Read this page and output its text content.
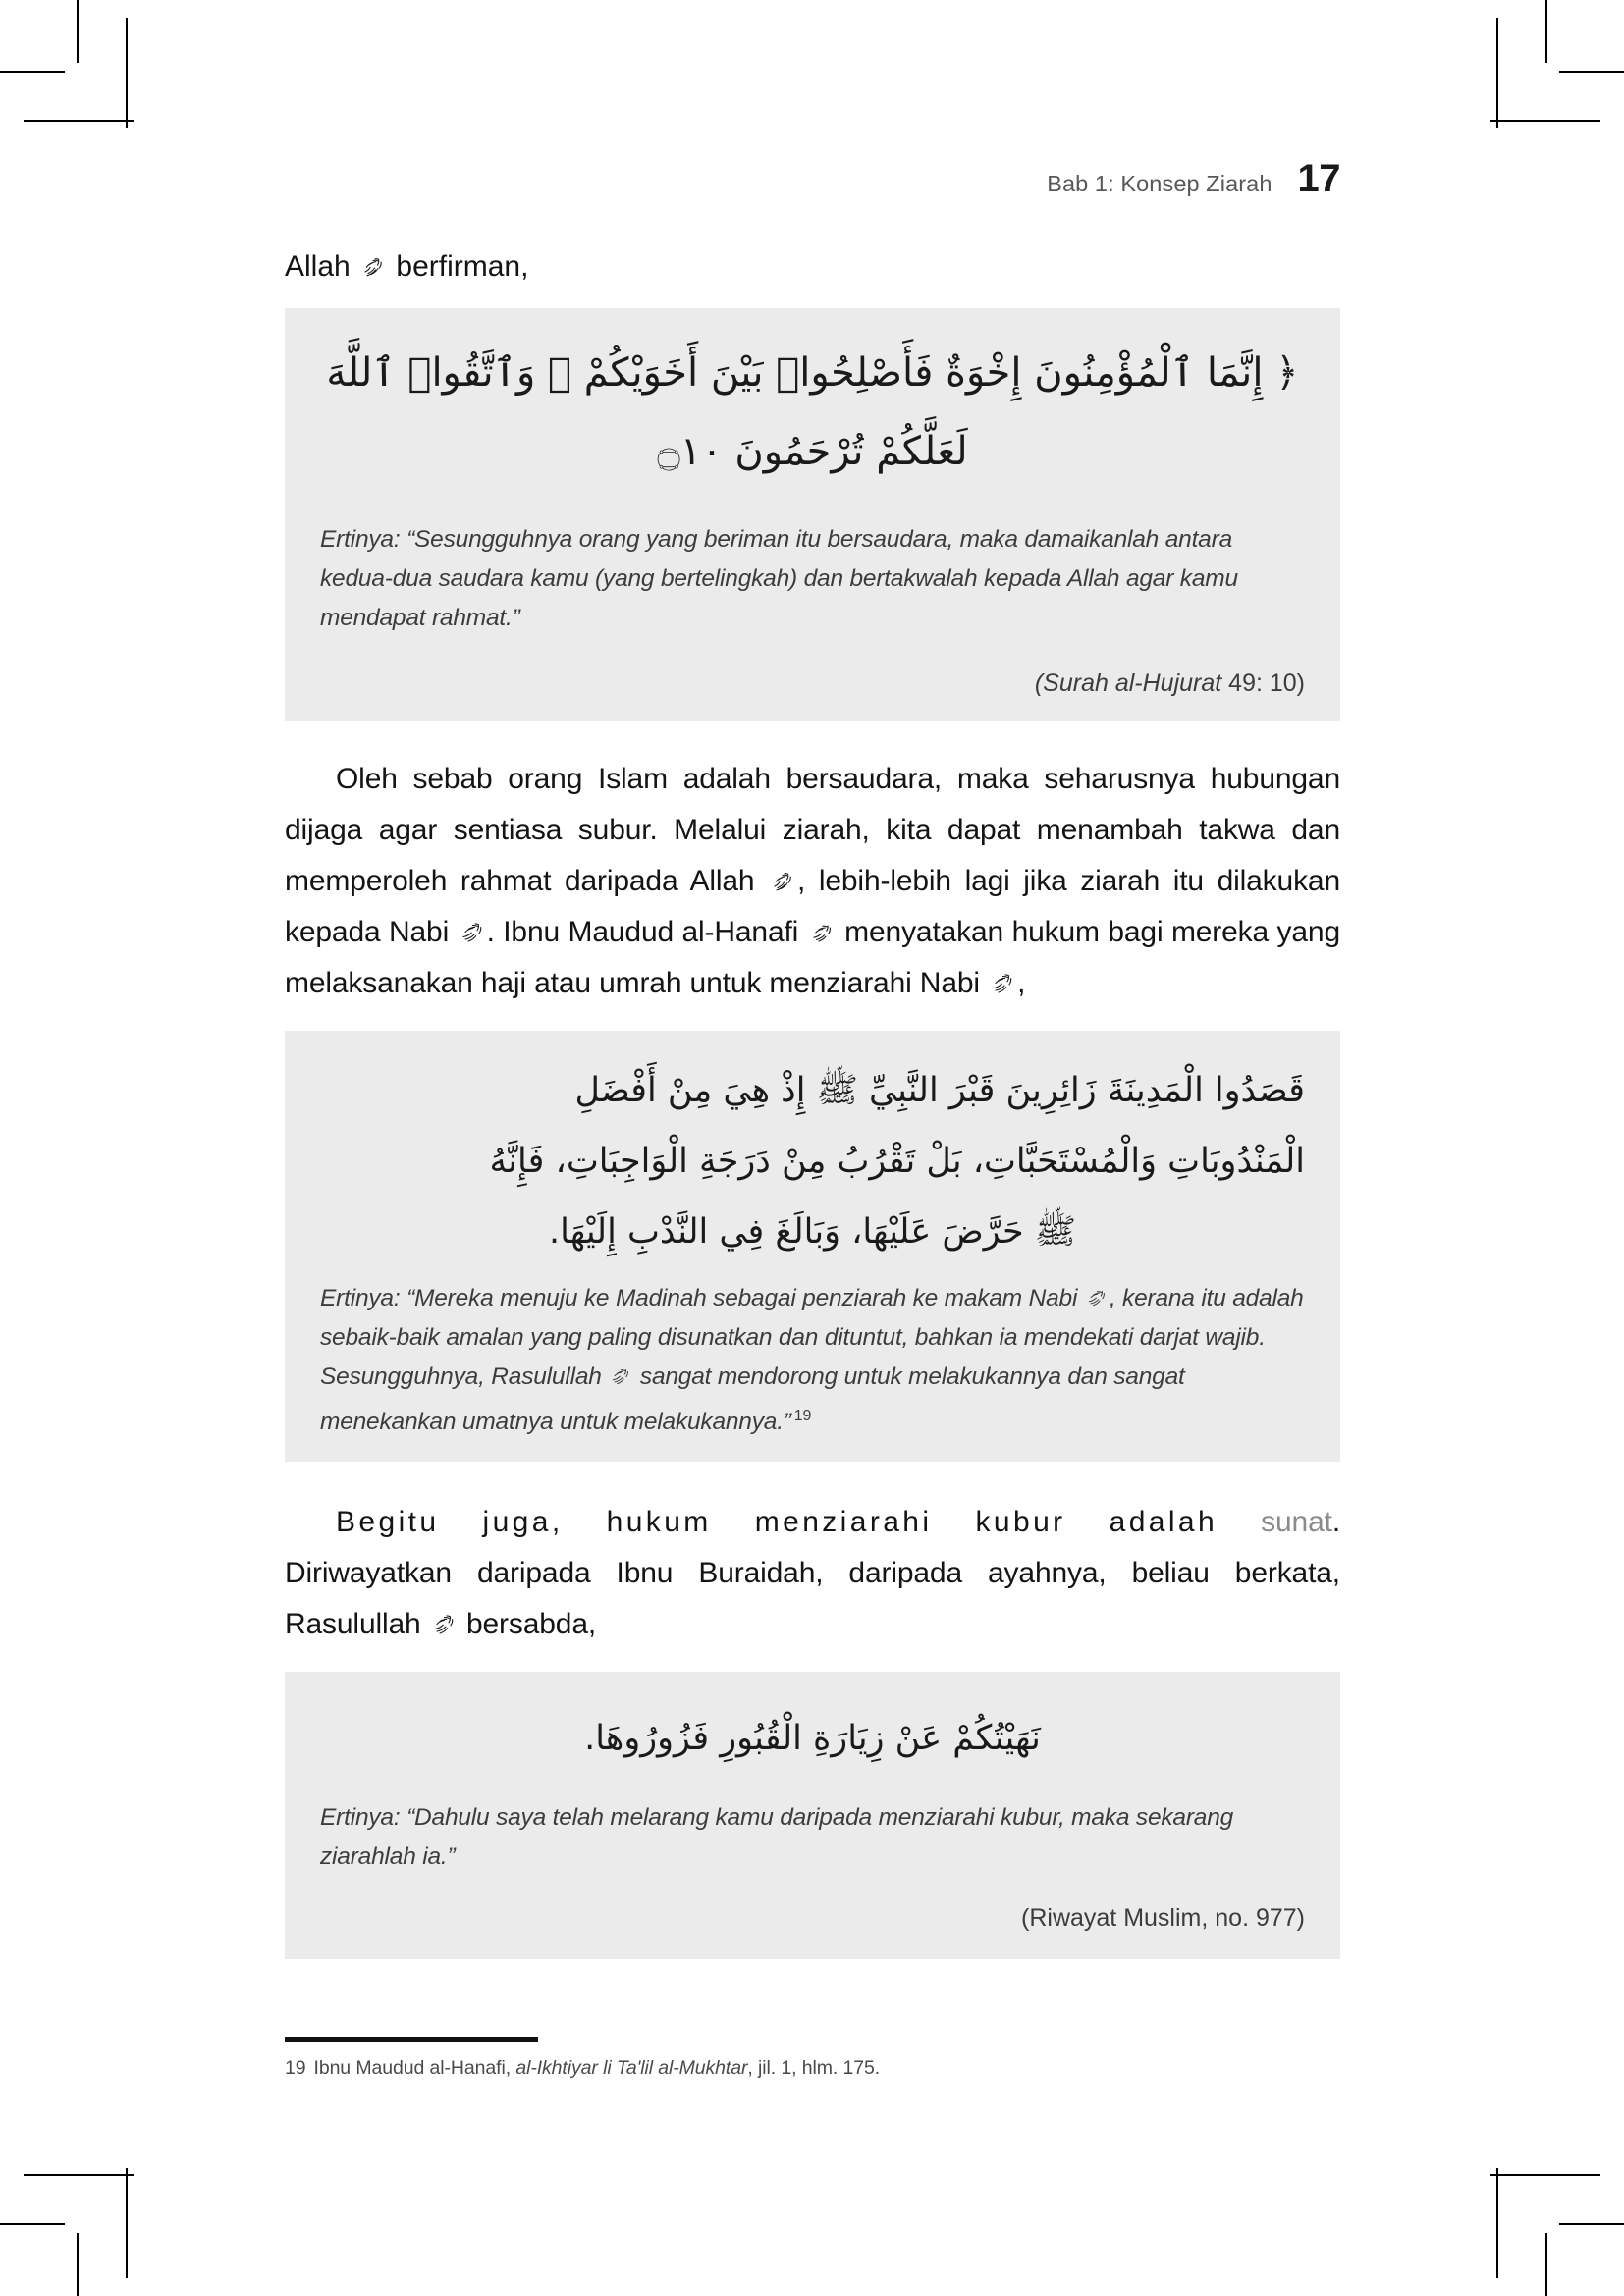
Bab 1: Konsep Ziarah 17

Allah
berfirman,

﴿ إِنَّمَا ٱلْمُؤْمِنُونَ إِخْوَةٌ فَأَصْلِحُوا۟ بَيْنَ أَخَوَيْكُمْ ۚ وَٱتَّقُوا۟ ٱللَّهَ لَعَلَّكُمْ تُرْحَمُونَ ۝١٠
Ertinya: “Sesungguhnya orang yang beriman itu bersaudara, maka damaikanlah antara kedua-dua saudara kamu (yang bertelingkah) dan bertakwalah kepada Allah agar kamu mendapat rahmat.”
(Surah al-Hujurat 49: 10)

Oleh sebab orang Islam adalah bersaudara, maka seharusnya hubungan dijaga agar sentiasa subur. Melalui ziarah, kita dapat menambah takwa dan memperoleh rahmat daripada Allah
, lebih-lebih lagi jika ziarah itu dilakukan kepada Nabi
. Ibnu Maudud al-Hanafi
menyatakan hukum bagi mereka yang melaksanakan haji atau umrah untuk menziarahi Nabi
,

قَصَدُوا الْمَدِينَةَ زَائِرِينَ قَبْرَ النَّبِيِّ ﷺ إِذْ هِيَ مِنْ أَفْضَلِ
الْمَنْدُوبَاتِ وَالْمُسْتَحَبَّاتِ، بَلْ تَقْرُبُ مِنْ دَرَجَةِ الْوَاجِبَاتِ، فَإِنَّهُ
ﷺ حَرَّضَ عَلَيْهَا، وَبَالَغَ فِي النَّدْبِ إِلَيْهَا.
Ertinya: “Mereka menuju ke Madinah sebagai penziarah ke makam Nabi
, kerana itu adalah sebaik-baik amalan yang paling disunatkan dan dituntut, bahkan ia mendekati darjat wajib. Sesungguhnya, Rasulullah
sangat mendorong untuk melakukannya dan sangat menekankan umatnya untuk melakukannya.” $^{19}$

Begitu juga, hukum menziarahi kubur adalah sunat. Diriwayatkan daripada Ibnu Buraidah, daripada ayahnya, beliau berkata, Rasulullah
bersabda,

نَهَيْتُكُمْ عَنْ زِيَارَةِ الْقُبُورِ فَزُورُوهَا.
Ertinya: “Dahulu saya telah melarang kamu daripada menziarahi kubur, maka sekarang ziarahlah ia.”
(Riwayat Muslim, no. 977)
19 Ibnu Maudud al-Hanafi, al-Ikhtiyar li Ta'lil al-Mukhtar, jil. 1, hlm. 175.
